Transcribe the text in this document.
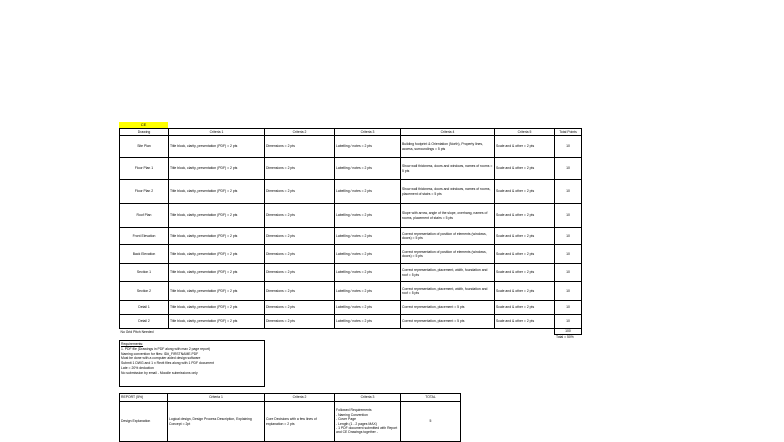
CE
Drawing	Criteria 1	Criteria 2	Criteria 3	Criteria 4	Criteria 5	Total Points
Site Plan	Title block, clarity, presentation (PDF) = 2 pts	Dimensions = 2 pts	Labelling / notes = 2 pts	Building footprint & Orientation (North), Property lines, access, surroundings = 5 pts	Scale and & other = 2 pts	10
Floor Plan 1	Title block, clarity, presentation (PDF) = 2 pts	Dimensions = 2 pts	Labelling / notes = 2 pts	Show wall thickness, doors and windows, names of rooms = 5 pts	Scale and & other = 2 pts	10
Floor Plan 2	Title block, clarity, presentation (PDF) = 2 pts	Dimensions = 2 pts	Labelling / notes = 2 pts	Show wall thickness, doors and windows, names of rooms, placement of stairs = 5 pts	Scale and & other = 2 pts	10
Roof Plan	Title block, clarity, presentation (PDF) = 2 pts	Dimensions = 2 pts	Labelling / notes = 2 pts	Slope with arrow, angle of the slope, overhang, names of rooms, placement of stairs = 5 pts	Scale and & other = 2 pts	10
Front Elevation	Title block, clarity, presentation (PDF) = 2 pts	Dimensions = 2 pts	Labelling / notes = 2 pts	Correct representation of position of elements (windows, doors) = 5 pts	Scale and & other = 2 pts	10
Back Elevation	Title block, clarity, presentation (PDF) = 2 pts	Dimensions = 2 pts	Labelling / notes = 2 pts	Correct representation of position of elements (windows, doors) = 5 pts	Scale and & other = 2 pts	10
Section 1	Title block, clarity, presentation (PDF) = 2 pts	Dimensions = 2 pts	Labelling / notes = 2 pts	Correct representation, placement, width, foundation and roof = 5 pts	Scale and & other = 2 pts	10
Section 2	Title block, clarity, presentation (PDF) = 2 pts	Dimensions = 2 pts	Labelling / notes = 2 pts	Correct representation, placement, width, foundation and roof = 5 pts	Scale and & other = 2 pts	10
Detail 1	Title block, clarity, presentation (PDF) = 2 pts	Dimensions = 2 pts	Labelling / notes = 2 pts	Correct representation, placement = 5 pts	Scale and & other = 2 pts	10
Detail 2	Title block, clarity, presentation (PDF) = 2 pts	Dimensions = 2 pts	Labelling / notes = 2 pts	Correct representation, placement = 5 pts	Scale and & other = 2 pts	10
No Grid Pitch Needed						100
Total = 50%
Requirements:
1. PDF file (Drawings in PDF along with max 2 page report)
Naming convention for files: ID#_FIRSTNAME.PDF
Must be done with a computer aided design software
Submit 1 DWG and 1 x Revit files along with 1 PDF document
Late = 20% deduction
No submission by email - Moodle submissions only
REPORT (5%)	Criteria 1	Criteria 2	Criteria 3	TOTAL
Design Explanation	Logical design, Design Process Description, Explaining Concept = 2pt	Core Decisions with a few lines of explanation = 2 pts	Followed Requirements
- Naming Convention
- Cover Page
- Length (1 - 2 pages MAX)
- 1 PDF document submitted with Report and CE Drawings together -	5
